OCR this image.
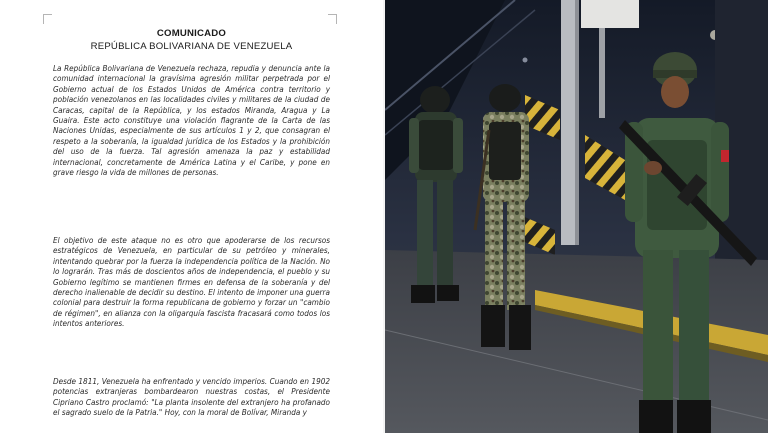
COMUNICADO
REPÚBLICA BOLIVARIANA DE VENEZUELA

La República Bolivariana de Venezuela rechaza, repudia y denuncia ante la comunidad internacional la gravísima agresión militar perpetrada por el Gobierno actual de los Estados Unidos de América contra territorio y población venezolanos en las localidades civiles y militares de la ciudad de Caracas, capital de la República, y los estados Miranda, Aragua y La Guaira. Este acto constituye una violación flagrante de la Carta de las Naciones Unidas, especialmente de sus artículos 1 y 2, que consagran el respeto a la soberanía, la igualdad jurídica de los Estados y la prohibición del uso de la fuerza. Tal agresión amenaza la paz y estabilidad internacional, concretamente de América Latina y el Caribe, y pone en grave riesgo la vida de millones de personas.

El objetivo de este ataque no es otro que apoderarse de los recursos estratégicos de Venezuela, en particular de su petróleo y minerales, intentando quebrar por la fuerza la independencia política de la Nación. No lo lograrán. Tras más de doscientos años de independencia, el pueblo y su Gobierno legítimo se mantienen firmes en defensa de la soberanía y del derecho inalienable de decidir su destino. El intento de imponer una guerra colonial para destruir la forma republicana de gobierno y forzar un "cambio de régimen", en alianza con la oligarquía fascista fracasará como todos los intentos anteriores.

Desde 1811, Venezuela ha enfrentado y vencido imperios. Cuando en 1902 potencias extranjeras bombardearon nuestras costas, el Presidente Cipriano Castro proclamó: "La planta insolente del extranjero ha profanado el sagrado suelo de la Patria." Hoy, con la moral de Bolívar, Miranda y
